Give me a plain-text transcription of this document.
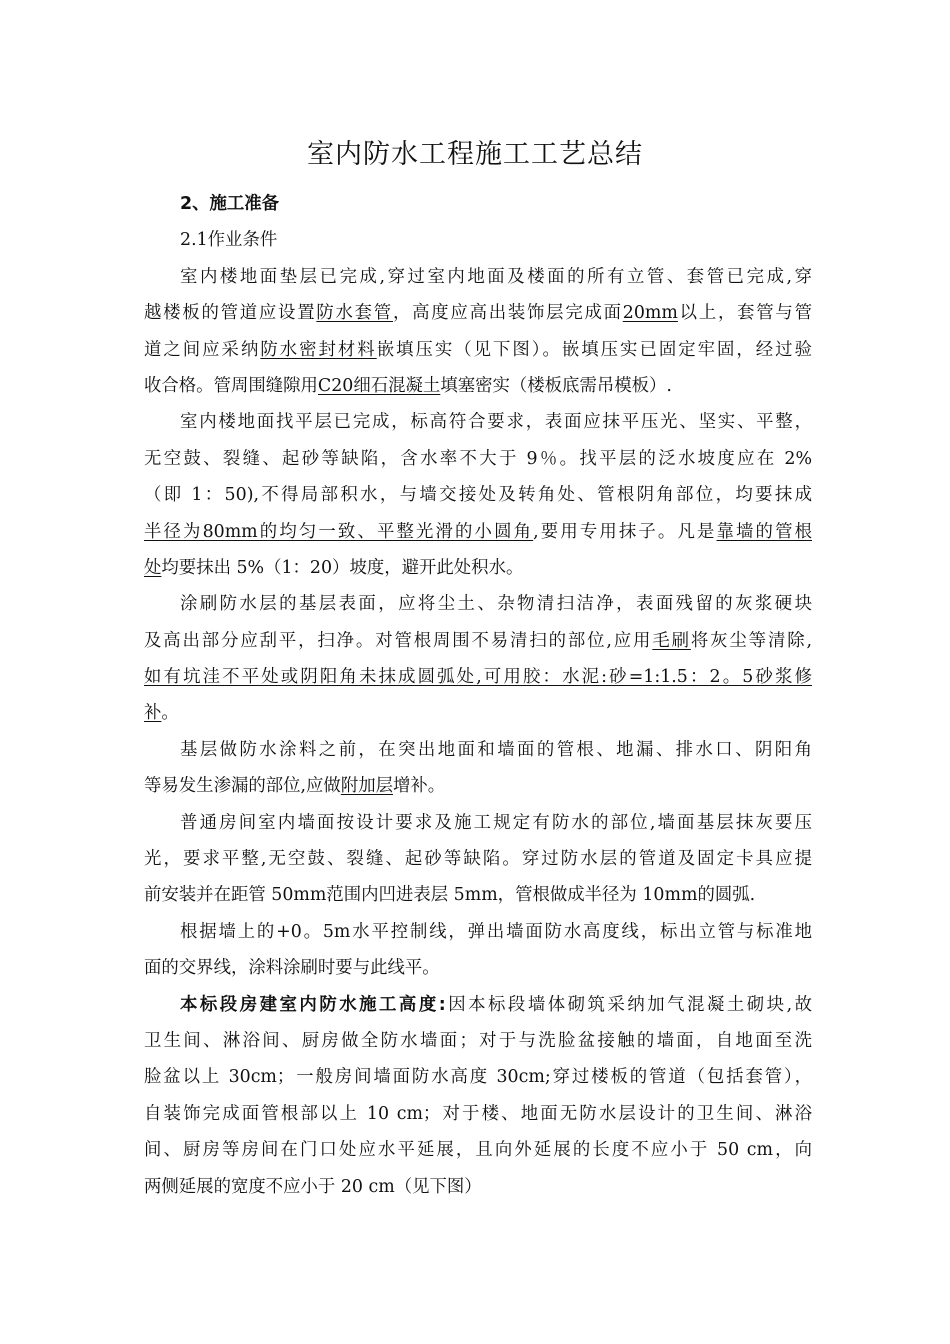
室内防水工程施工工艺总结
2、施工准备
2.1作业条件
室内楼地面垫层已完成,穿过室内地面及楼面的所有立管、套管已完成,穿
越楼板的管道应设置防水套管，高度应高出装饰层完成面20mm以上，套管与管
道之间应采纳防水密封材料嵌填压实（见下图）。嵌填压实已固定牢固，经过验
收合格。管周围缝隙用C20细石混凝土填塞密实（楼板底需吊模板）.
室内楼地面找平层已完成，标高符合要求，表面应抹平压光、坚实、平整，
无空鼓、裂缝、起砂等缺陷，含水率不大于 9％。找平层的泛水坡度应在 2%
（即 1：50),不得局部积水，与墙交接处及转角处、管根阴角部位，均要抹成
半径为80mm的均匀一致、平整光滑的小圆角,要用专用抹子。凡是靠墙的管根
处均要抹出 5%（1：20）坡度，避开此处积水。
涂刷防水层的基层表面，应将尘土、杂物清扫洁净，表面残留的灰浆硬块
及高出部分应刮平，扫净。对管根周围不易清扫的部位,应用毛刷将灰尘等清除,
如有坑洼不平处或阴阳角未抹成圆弧处,可用胶：水泥:砂=1:1.5：2。5砂浆修
补。
基层做防水涂料之前，在突出地面和墙面的管根、地漏、排水口、阴阳角
等易发生渗漏的部位,应做附加层增补。
普通房间室内墙面按设计要求及施工规定有防水的部位,墙面基层抹灰要压
光，要求平整,无空鼓、裂缝、起砂等缺陷。穿过防水层的管道及固定卡具应提
前安装并在距管 50mm范围内凹进表层 5mm，管根做成半径为 10mm的圆弧.
根据墙上的+0。5m水平控制线，弹出墙面防水高度线，标出立管与标准地
面的交界线，涂料涂刷时要与此线平。
本标段房建室内防水施工高度:因本标段墙体砌筑采纳加气混凝土砌块,故
卫生间、淋浴间、厨房做全防水墙面；对于与洗脸盆接触的墙面，自地面至洗
脸盆以上 30cm；一般房间墙面防水高度 30cm;穿过楼板的管道（包括套管），
自装饰完成面管根部以上 10 cm；对于楼、地面无防水层设计的卫生间、淋浴
间、厨房等房间在门口处应水平延展，且向外延展的长度不应小于 50 cm，向
两侧延展的宽度不应小于 20 cm（见下图）
